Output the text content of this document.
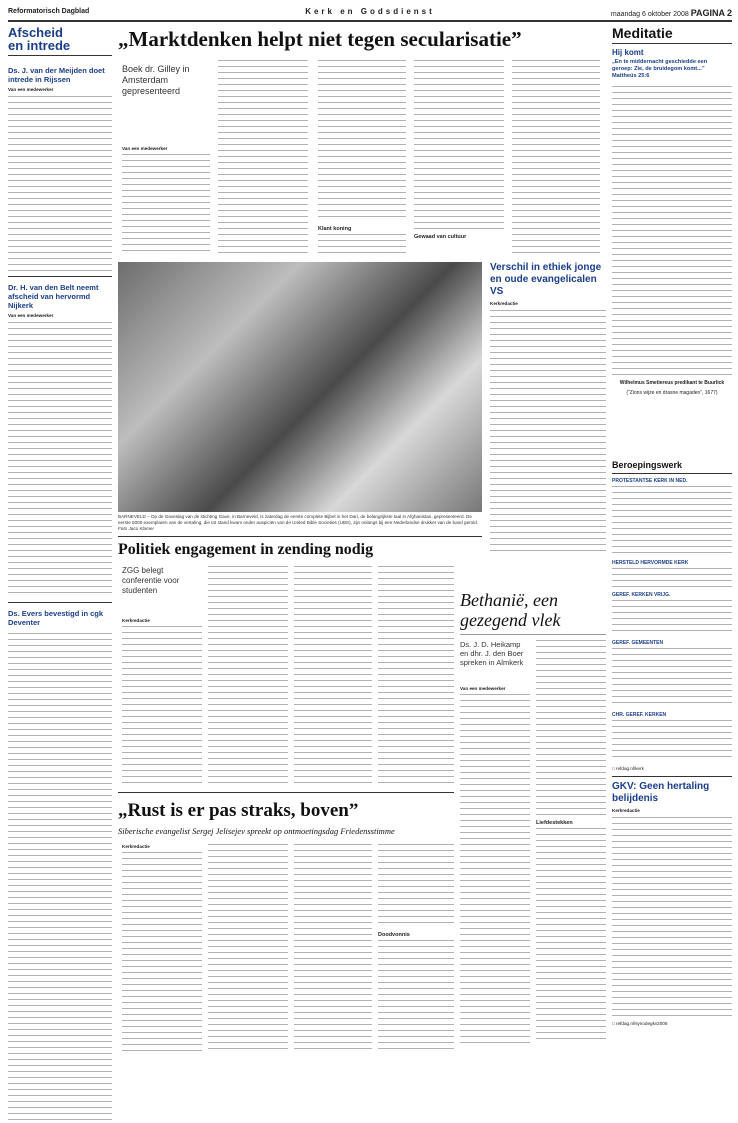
Reformatorisch Dagblad	Kerk en Godsdienst	maandag 6 oktober 2008 PAGINA 2
Afscheid
en intrede
Ds. J. van der Meijden doet intrede in Rijssen
Van een medewerker
Dr. H. van den Belt neemt afscheid van hervormd Nijkerk
Van een medewerker
Ds. Evers bevestigd in cgk Deventer
„Marktdenken helpt niet tegen secularisatie”
Boek dr. Gilley in Amsterdam gepresenteerd
Van een medewerker
Klant koning
Gewaad van cultuur
Meditatie
Hij komt
„En te middernacht geschiedde een geroep: Zie, de bruidegom komt...” Mattheüs 25:6
Wilhelmus Smetiereus predikant te Buurlick
(“Zions wijze en drasne magaden”, 1677)
BARNEVELD – Op de Gaveslag van de stichting Gave, in Barneveld, is zaterdag de eerste complete Bijbel in het Dari, de belangrijkste taal in Afghanistan, gepresenteerd. De eerste 5000 exemplaren van de vertaling, die tot stand kwam onder auspiciën van de United Bible Societies (UBS), zijn onlangs bij een Nederlandse drukker van de band gerold. Foto Jaco Klamer
Verschil in ethiek jonge en oude evangelicalen VS
Kerkredactie
Beroepingswerk
PROTESTANTSE KERK IN NED.
HERSTELD HERVORMDE KERK
GEREF. KERKEN VRIJG.
GEREF. GEMEENTEN
CHR. GEREF. KERKEN
Politiek engagement in zending nodig
ZGG belegt conferentie voor studenten
Kerkredactie
Bethanië, een gezegend vlek
Ds. J. D. Heikamp en dhr. J. den Boer spreken in Almkerk
Van een medewerker
Liefdestekken
□ refdag.nl/kerk
GKV: Geen hertaling belijdenis
Kerkredactie
□ refdag.nl/synodegkv2008
„Rust is er pas straks, boven”
Siberische evangelist Sergej Jelisejev spreekt op ontmoetingsdag Friedensstimme
Kerkredactie
Doodvonnis
